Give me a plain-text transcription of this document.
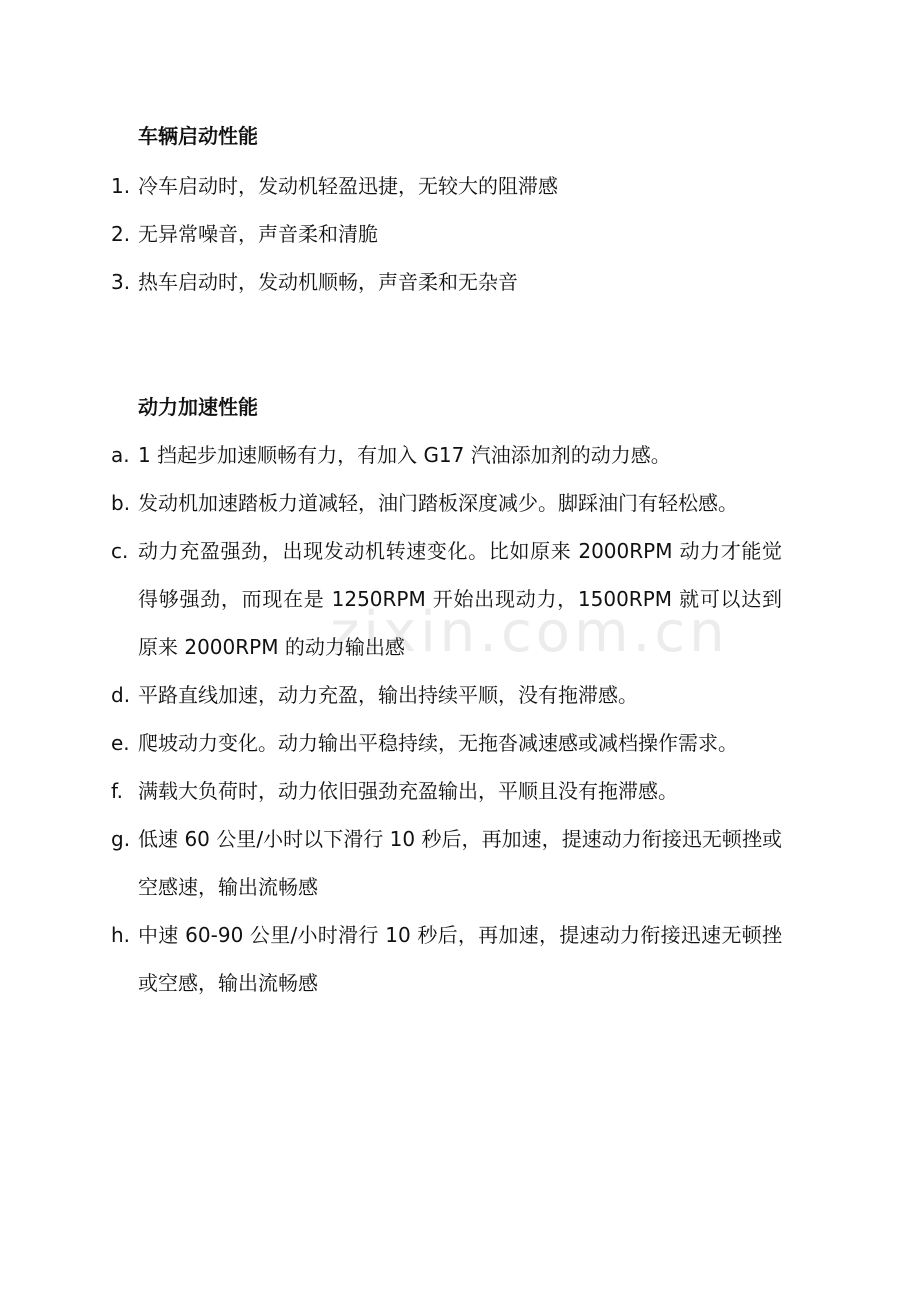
zixin.com.cn
车辆启动性能
1. 冷车启动时，发动机轻盈迅捷，无较大的阻滞感
2. 无异常噪音，声音柔和清脆
3. 热车启动时，发动机顺畅，声音柔和无杂音
动力加速性能
a. 1 挡起步加速顺畅有力，有加入 G17 汽油添加剂的动力感。
b. 发动机加速踏板力道减轻，油门踏板深度减少。脚踩油门有轻松感。
c. 动力充盈强劲，出现发动机转速变化。比如原来 2000RPM 动力才能觉得够强劲，而现在是 1250RPM 开始出现动力，1500RPM 就可以达到原来 2000RPM 的动力输出感
d. 平路直线加速，动力充盈，输出持续平顺，没有拖滞感。
e. 爬坡动力变化。动力输出平稳持续，无拖沓减速感或减档操作需求。
f. 满载大负荷时，动力依旧强劲充盈输出，平顺且没有拖滞感。
g. 低速 60 公里/小时以下滑行 10 秒后，再加速，提速动力衔接迅无顿挫或空感速，输出流畅感
h. 中速 60-90 公里/小时滑行 10 秒后，再加速，提速动力衔接迅速无顿挫或空感，输出流畅感
